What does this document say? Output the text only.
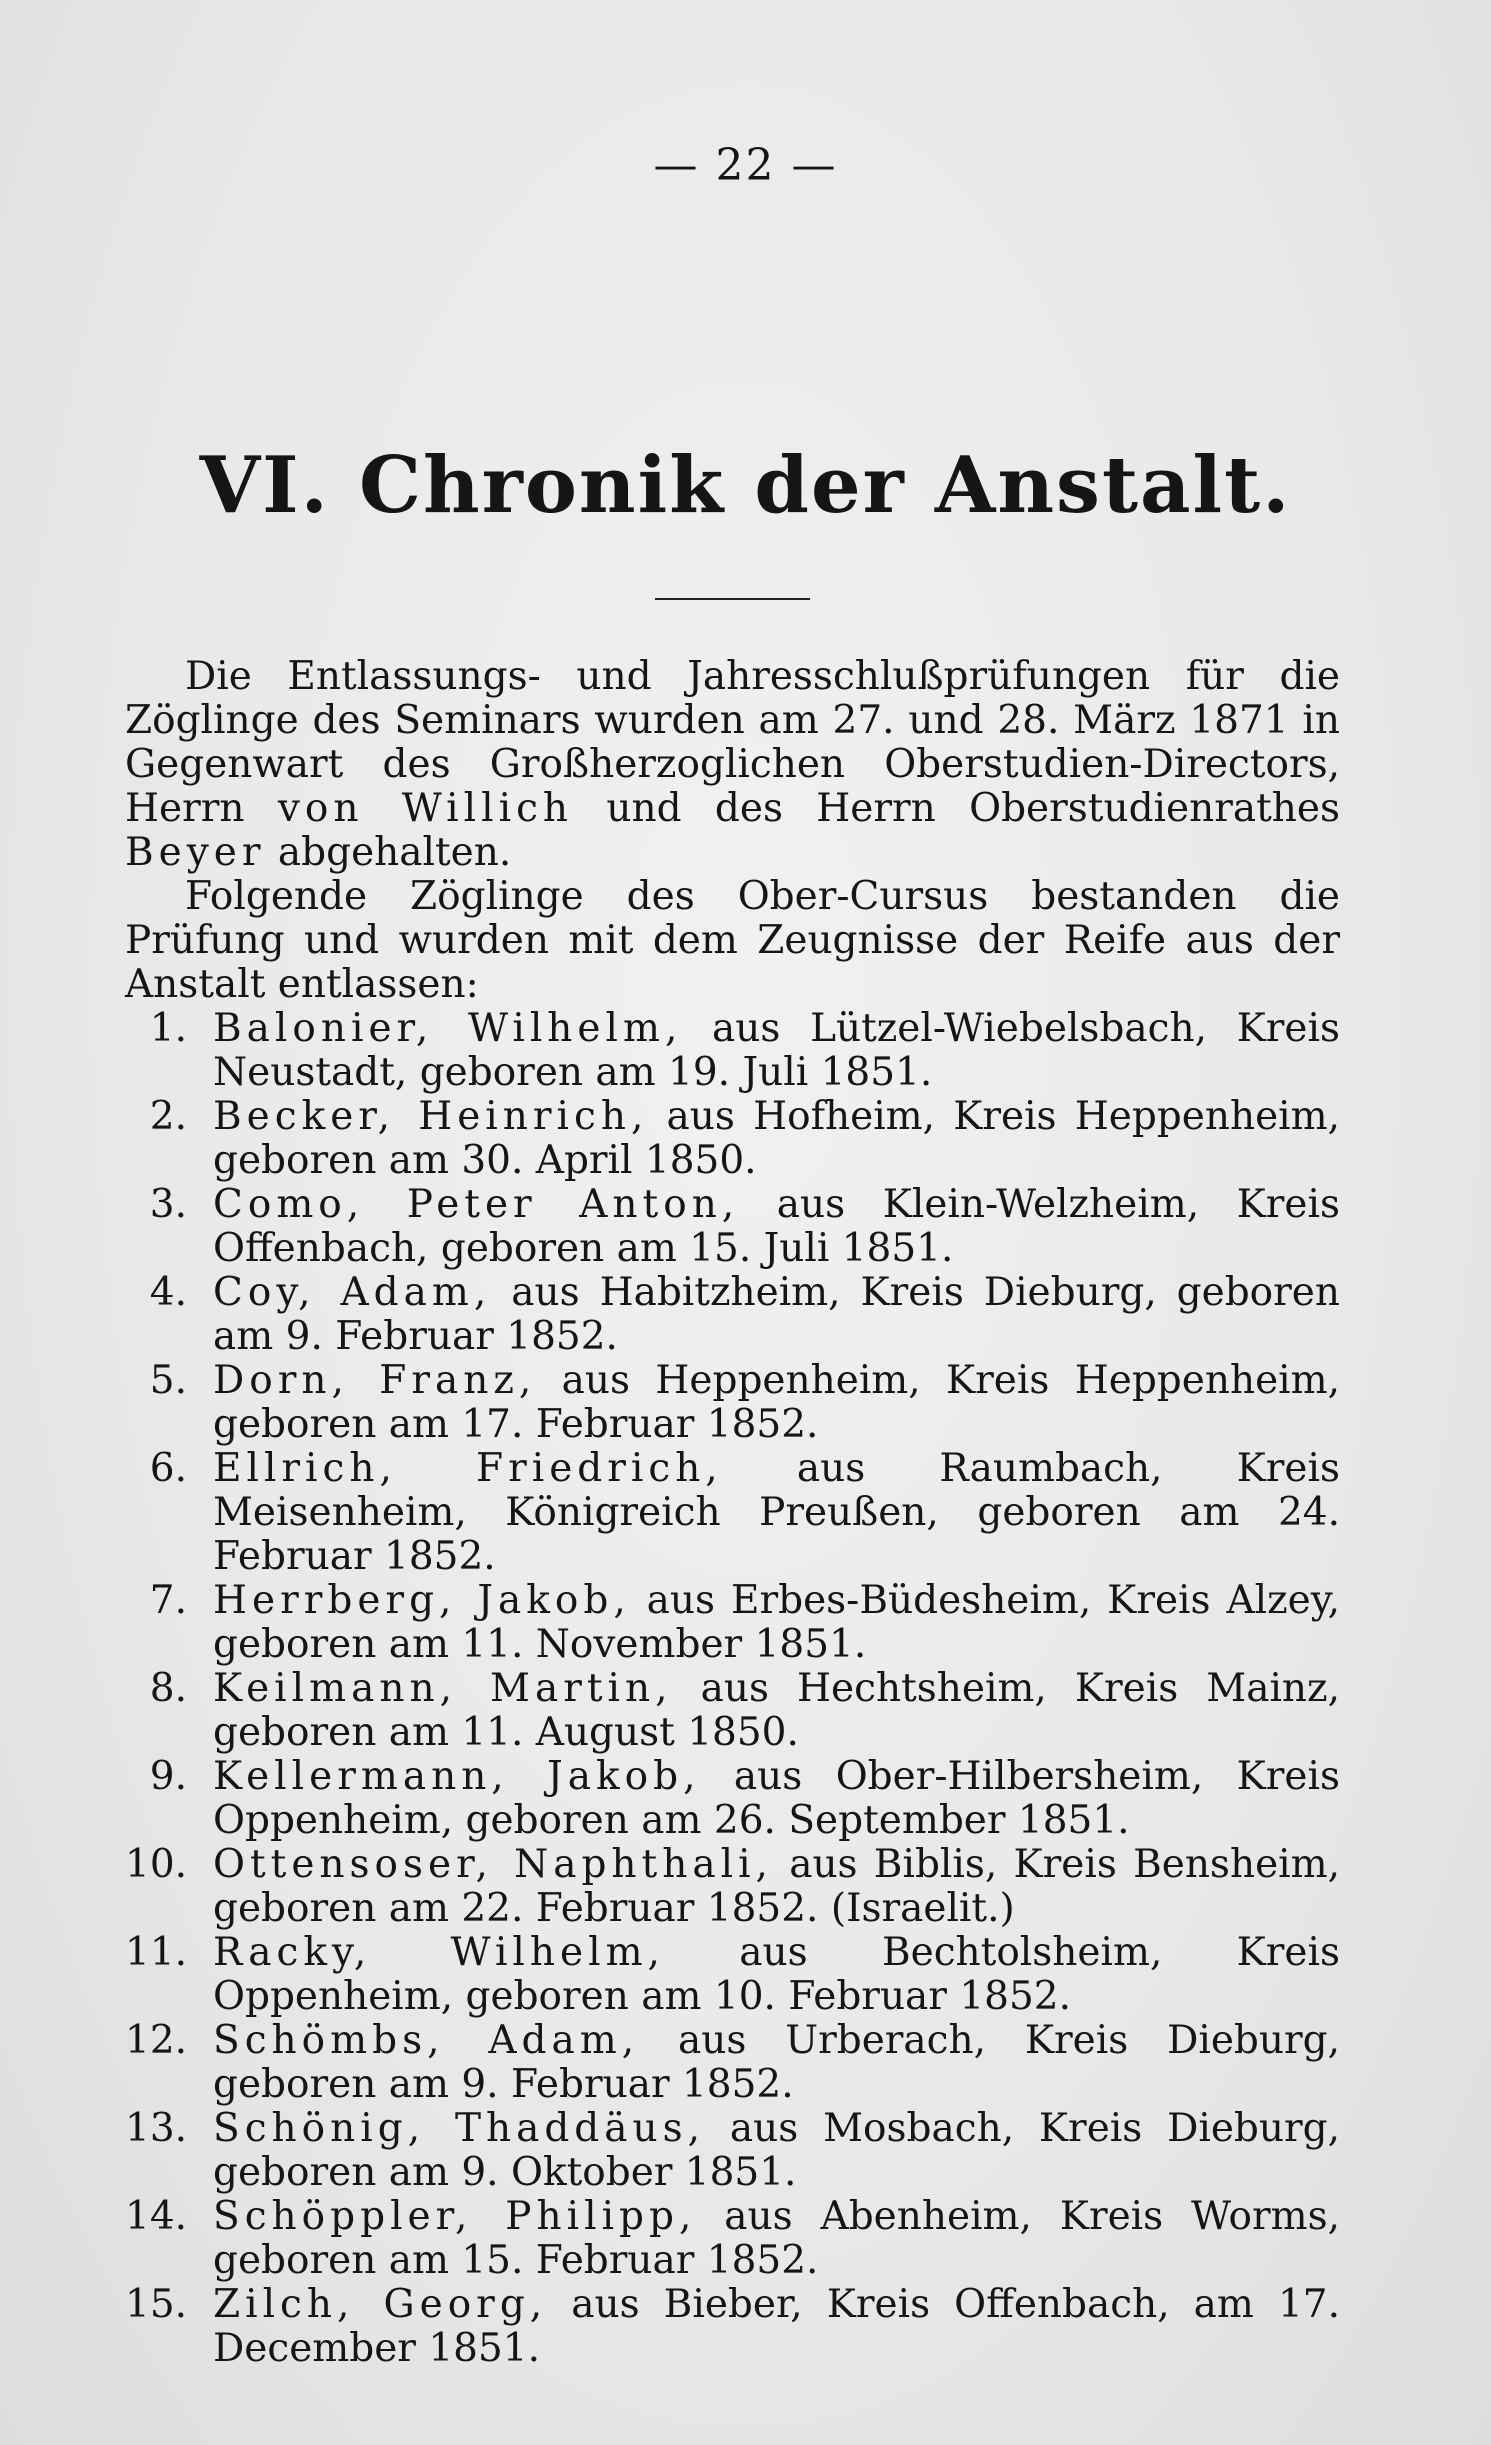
— 22 —
VI. Chronik der Anstalt.

Die Entlassungs- und Jahresschlußprüfungen für die Zöglinge des Seminars wurden am 27. und 28. März 1871 in Gegenwart des Großherzoglichen Oberstudien-Directors, Herrn von Willich und des Herrn Oberstudienrathes Beyer abgehalten.

Folgende Zöglinge des Ober-Cursus bestanden die Prüfung und wurden mit dem Zeugnisse der Reife aus der Anstalt entlassen:

1. Balonier, Wilhelm, aus Lützel-Wiebelsbach, Kreis Neustadt, geboren am 19. Juli 1851.

2. Becker, Heinrich, aus Hofheim, Kreis Heppenheim, geboren am 30. April 1850.

3. Como, Peter Anton, aus Klein-Welzheim, Kreis Offenbach, geboren am 15. Juli 1851.

4. Coy, Adam, aus Habitzheim, Kreis Dieburg, geboren am 9. Februar 1852.

5. Dorn, Franz, aus Heppenheim, Kreis Heppenheim, geboren am 17. Februar 1852.

6. Ellrich, Friedrich, aus Raumbach, Kreis Meisenheim, Königreich Preußen, geboren am 24. Februar 1852.

7. Herrberg, Jakob, aus Erbes-Büdesheim, Kreis Alzey, geboren am 11. November 1851.

8. Keilmann, Martin, aus Hechtsheim, Kreis Mainz, geboren am 11. August 1850.

9. Kellermann, Jakob, aus Ober-Hilbersheim, Kreis Oppenheim, geboren am 26. September 1851.

10. Ottensoser, Naphthali, aus Biblis, Kreis Bensheim, geboren am 22. Februar 1852. (Israelit.)

11. Racky, Wilhelm, aus Bechtolsheim, Kreis Oppenheim, geboren am 10. Februar 1852.

12. Schömbs, Adam, aus Urberach, Kreis Dieburg, geboren am 9. Februar 1852.

13. Schönig, Thaddäus, aus Mosbach, Kreis Dieburg, geboren am 9. Oktober 1851.

14. Schöppler, Philipp, aus Abenheim, Kreis Worms, geboren am 15. Februar 1852.

15. Zilch, Georg, aus Bieber, Kreis Offenbach, am 17. December 1851.
